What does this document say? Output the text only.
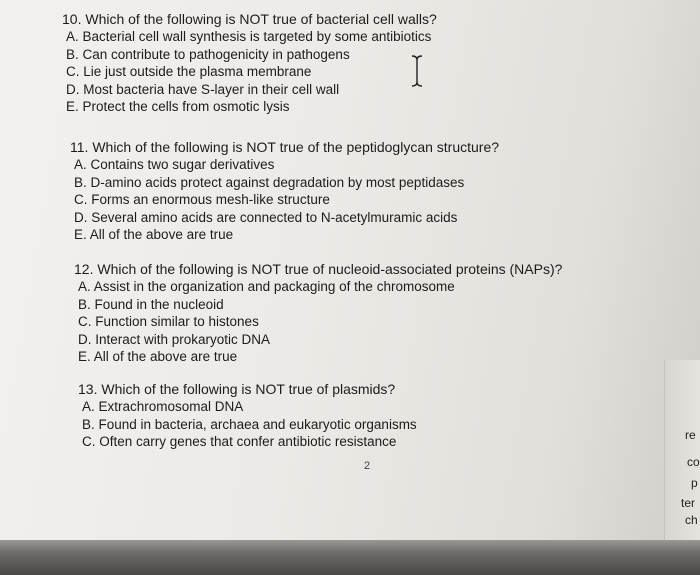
10. Which of the following is NOT true of bacterial cell walls?
A. Bacterial cell wall synthesis is targeted by some antibiotics
B. Can contribute to pathogenicity in pathogens
C. Lie just outside the plasma membrane
D. Most bacteria have S-layer in their cell wall
E. Protect the cells from osmotic lysis
11. Which of the following is NOT true of the peptidoglycan structure?
A. Contains two sugar derivatives
B. D-amino acids protect against degradation by most peptidases
C. Forms an enormous mesh-like structure
D. Several amino acids are connected to N-acetylmuramic acids
E. All of the above are true
12. Which of the following is NOT true of nucleoid-associated proteins (NAPs)?
A. Assist in the organization and packaging of the chromosome
B. Found in the nucleoid
C. Function similar to histones
D. Interact with prokaryotic DNA
E. All of the above are true
13. Which of the following is NOT true of plasmids?
A. Extrachromosomal DNA
B. Found in bacteria, archaea and eukaryotic organisms
C. Often carry genes that confer antibiotic resistance
2
re
co
p
ter
ch
